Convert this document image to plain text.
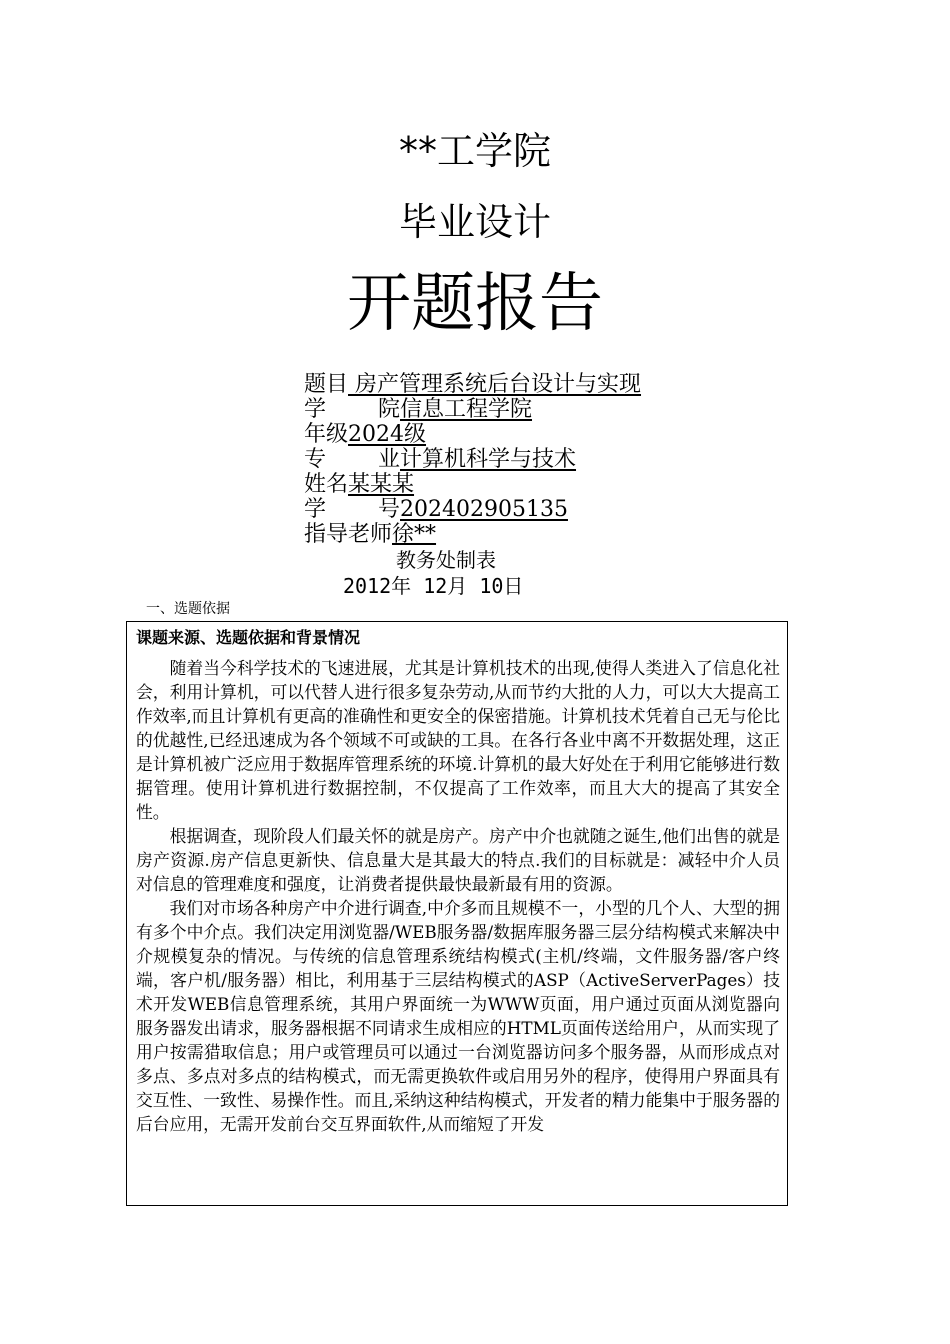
**工学院
毕业设计
开题报告
题目 房产管理系统后台设计与实现
学 院 信息工程学院
年级2024级
专 业 计算机科学与技术
姓名某某某
学 号 202402905135
指导老师徐**
教务处制表
2012年 12月 10日
一、选题依据
课题来源、选题依据和背景情况

随着当今科学技术的飞速进展，尤其是计算机技术的出现,使得人类进入了信息化社会，利用计算机，可以代替人进行很多复杂劳动,从而节约大批的人力，可以大大提高工作效率,而且计算机有更高的准确性和更安全的保密措施。计算机技术凭着自己无与伦比的优越性,已经迅速成为各个领域不可或缺的工具。在各行各业中离不开数据处理，这正是计算机被广泛应用于数据库管理系统的环境.计算机的最大好处在于利用它能够进行数据管理。使用计算机进行数据控制，不仅提高了工作效率，而且大大的提高了其安全性。

根据调查，现阶段人们最关怀的就是房产。房产中介也就随之诞生,他们出售的就是房产资源.房产信息更新快、信息量大是其最大的特点.我们的目标就是：减轻中介人员对信息的管理难度和强度，让消费者提供最快最新最有用的资源。

我们对市场各种房产中介进行调查,中介多而且规模不一，小型的几个人、大型的拥有多个中介点。我们决定用浏览器/WEB服务器/数据库服务器三层分结构模式来解决中介规模复杂的情况。与传统的信息管理系统结构模式(主机/终端，文件服务器/客户终端，客户机/服务器）相比，利用基于三层结构模式的ASP（ActiveServerPages）技术开发WEB信息管理系统，其用户界面统一为WWW页面，用户通过页面从浏览器向服务器发出请求，服务器根据不同请求生成相应的HTML页面传送给用户，从而实现了用户按需猎取信息；用户或管理员可以通过一台浏览器访问多个服务器，从而形成点对多点、多点对多点的结构模式，而无需更换软件或启用另外的程序，使得用户界面具有交互性、一致性、易操作性。而且,采纳这种结构模式，开发者的精力能集中于服务器的后台应用，无需开发前台交互界面软件,从而缩短了开发
